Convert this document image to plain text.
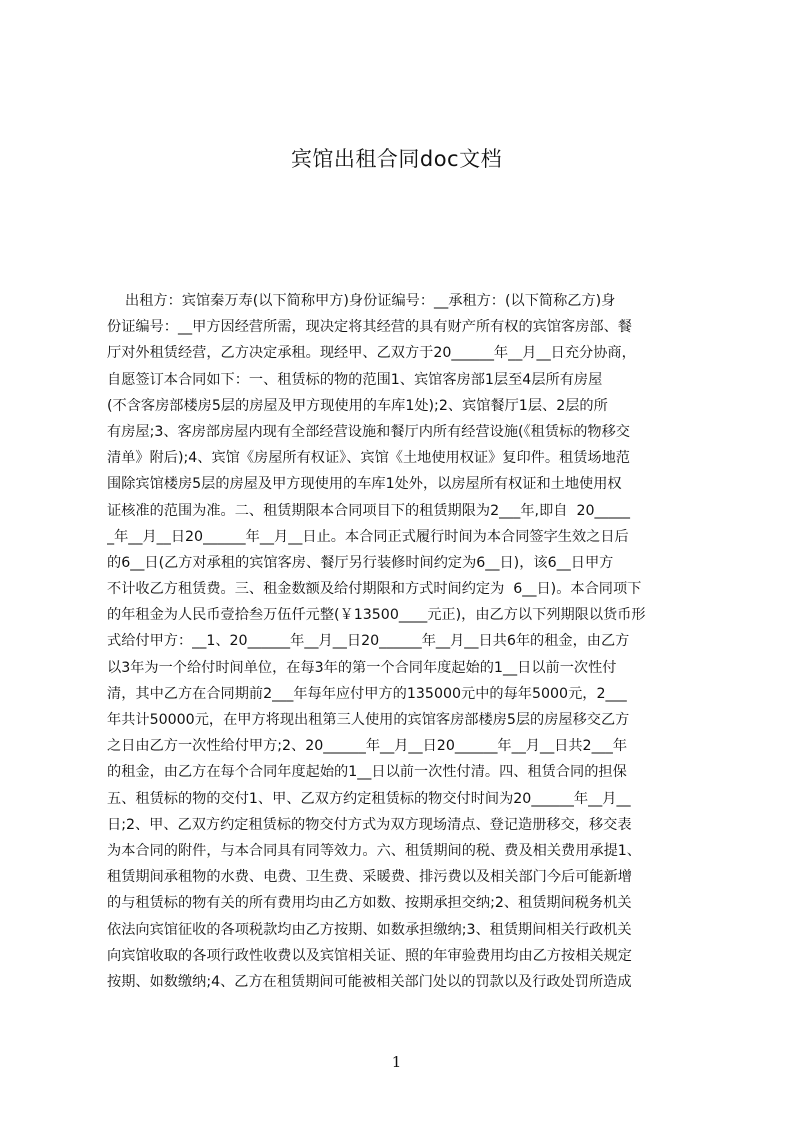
宾馆出租合同doc文档
出租方：宾馆秦万寿(以下简称甲方)身份证编号：__承租方：(以下简称乙方)身
份证编号：__甲方因经营所需，现决定将其经营的具有财产所有权的宾馆客房部、餐
厅对外租赁经营，乙方决定承租。现经甲、乙双方于20______年__月__日充分协商，
自愿签订本合同如下：一、租赁标的物的范围1、宾馆客房部1层至4层所有房屋
(不含客房部楼房5层的房屋及甲方现使用的车库1处);2、宾馆餐厅1层、2层的所
有房屋;3、客房部房屋内现有全部经营设施和餐厅内所有经营设施(《租赁标的物移交
清单》附后);4、宾馆《房屋所有权证》、宾馆《土地使用权证》复印件。租赁场地范
围除宾馆楼房5层的房屋及甲方现使用的车库1处外，以房屋所有权证和土地使用权
证核准的范围为准。二、租赁期限本合同项目下的租赁期限为2___年,即自  20_____
_年__月__日20______年__月__日止。本合同正式履行时间为本合同签字生效之日后
的6__日(乙方对承租的宾馆客房、餐厅另行装修时间约定为6__日)，该6__日甲方
不计收乙方租赁费。三、租金数额及给付期限和方式时间约定为  6__日)。本合同项下
的年租金为人民币壹拾叁万伍仟元整(￥13500____元正)，由乙方以下列期限以货币形
式给付甲方：__1、20______年__月__日20______年__月__日共6年的租金，由乙方
以3年为一个给付时间单位，在每3年的第一个合同年度起始的1__日以前一次性付
清，其中乙方在合同期前2___年每年应付甲方的135000元中的每年5000元，2___
年共计50000元，在甲方将现出租第三人使用的宾馆客房部楼房5层的房屋移交乙方
之日由乙方一次性给付甲方;2、20______年__月__日20______年__月__日共2___年
的租金，由乙方在每个合同年度起始的1__日以前一次性付清。四、租赁合同的担保
五、租赁标的物的交付1、甲、乙双方约定租赁标的物交付时间为20______年__月__
日;2、甲、乙双方约定租赁标的物交付方式为双方现场清点、登记造册移交，移交表
为本合同的附件，与本合同具有同等效力。六、租赁期间的税、费及相关费用承提1、
租赁期间承租物的水费、电费、卫生费、采暖费、排污费以及相关部门今后可能新增
的与租赁标的物有关的所有费用均由乙方如数、按期承担交纳;2、租赁期间税务机关
依法向宾馆征收的各项税款均由乙方按期、如数承担缴纳;3、租赁期间相关行政机关
向宾馆收取的各项行政性收费以及宾馆相关证、照的年审验费用均由乙方按相关规定
按期、如数缴纳;4、乙方在租赁期间可能被相关部门处以的罚款以及行政处罚所造成
1
